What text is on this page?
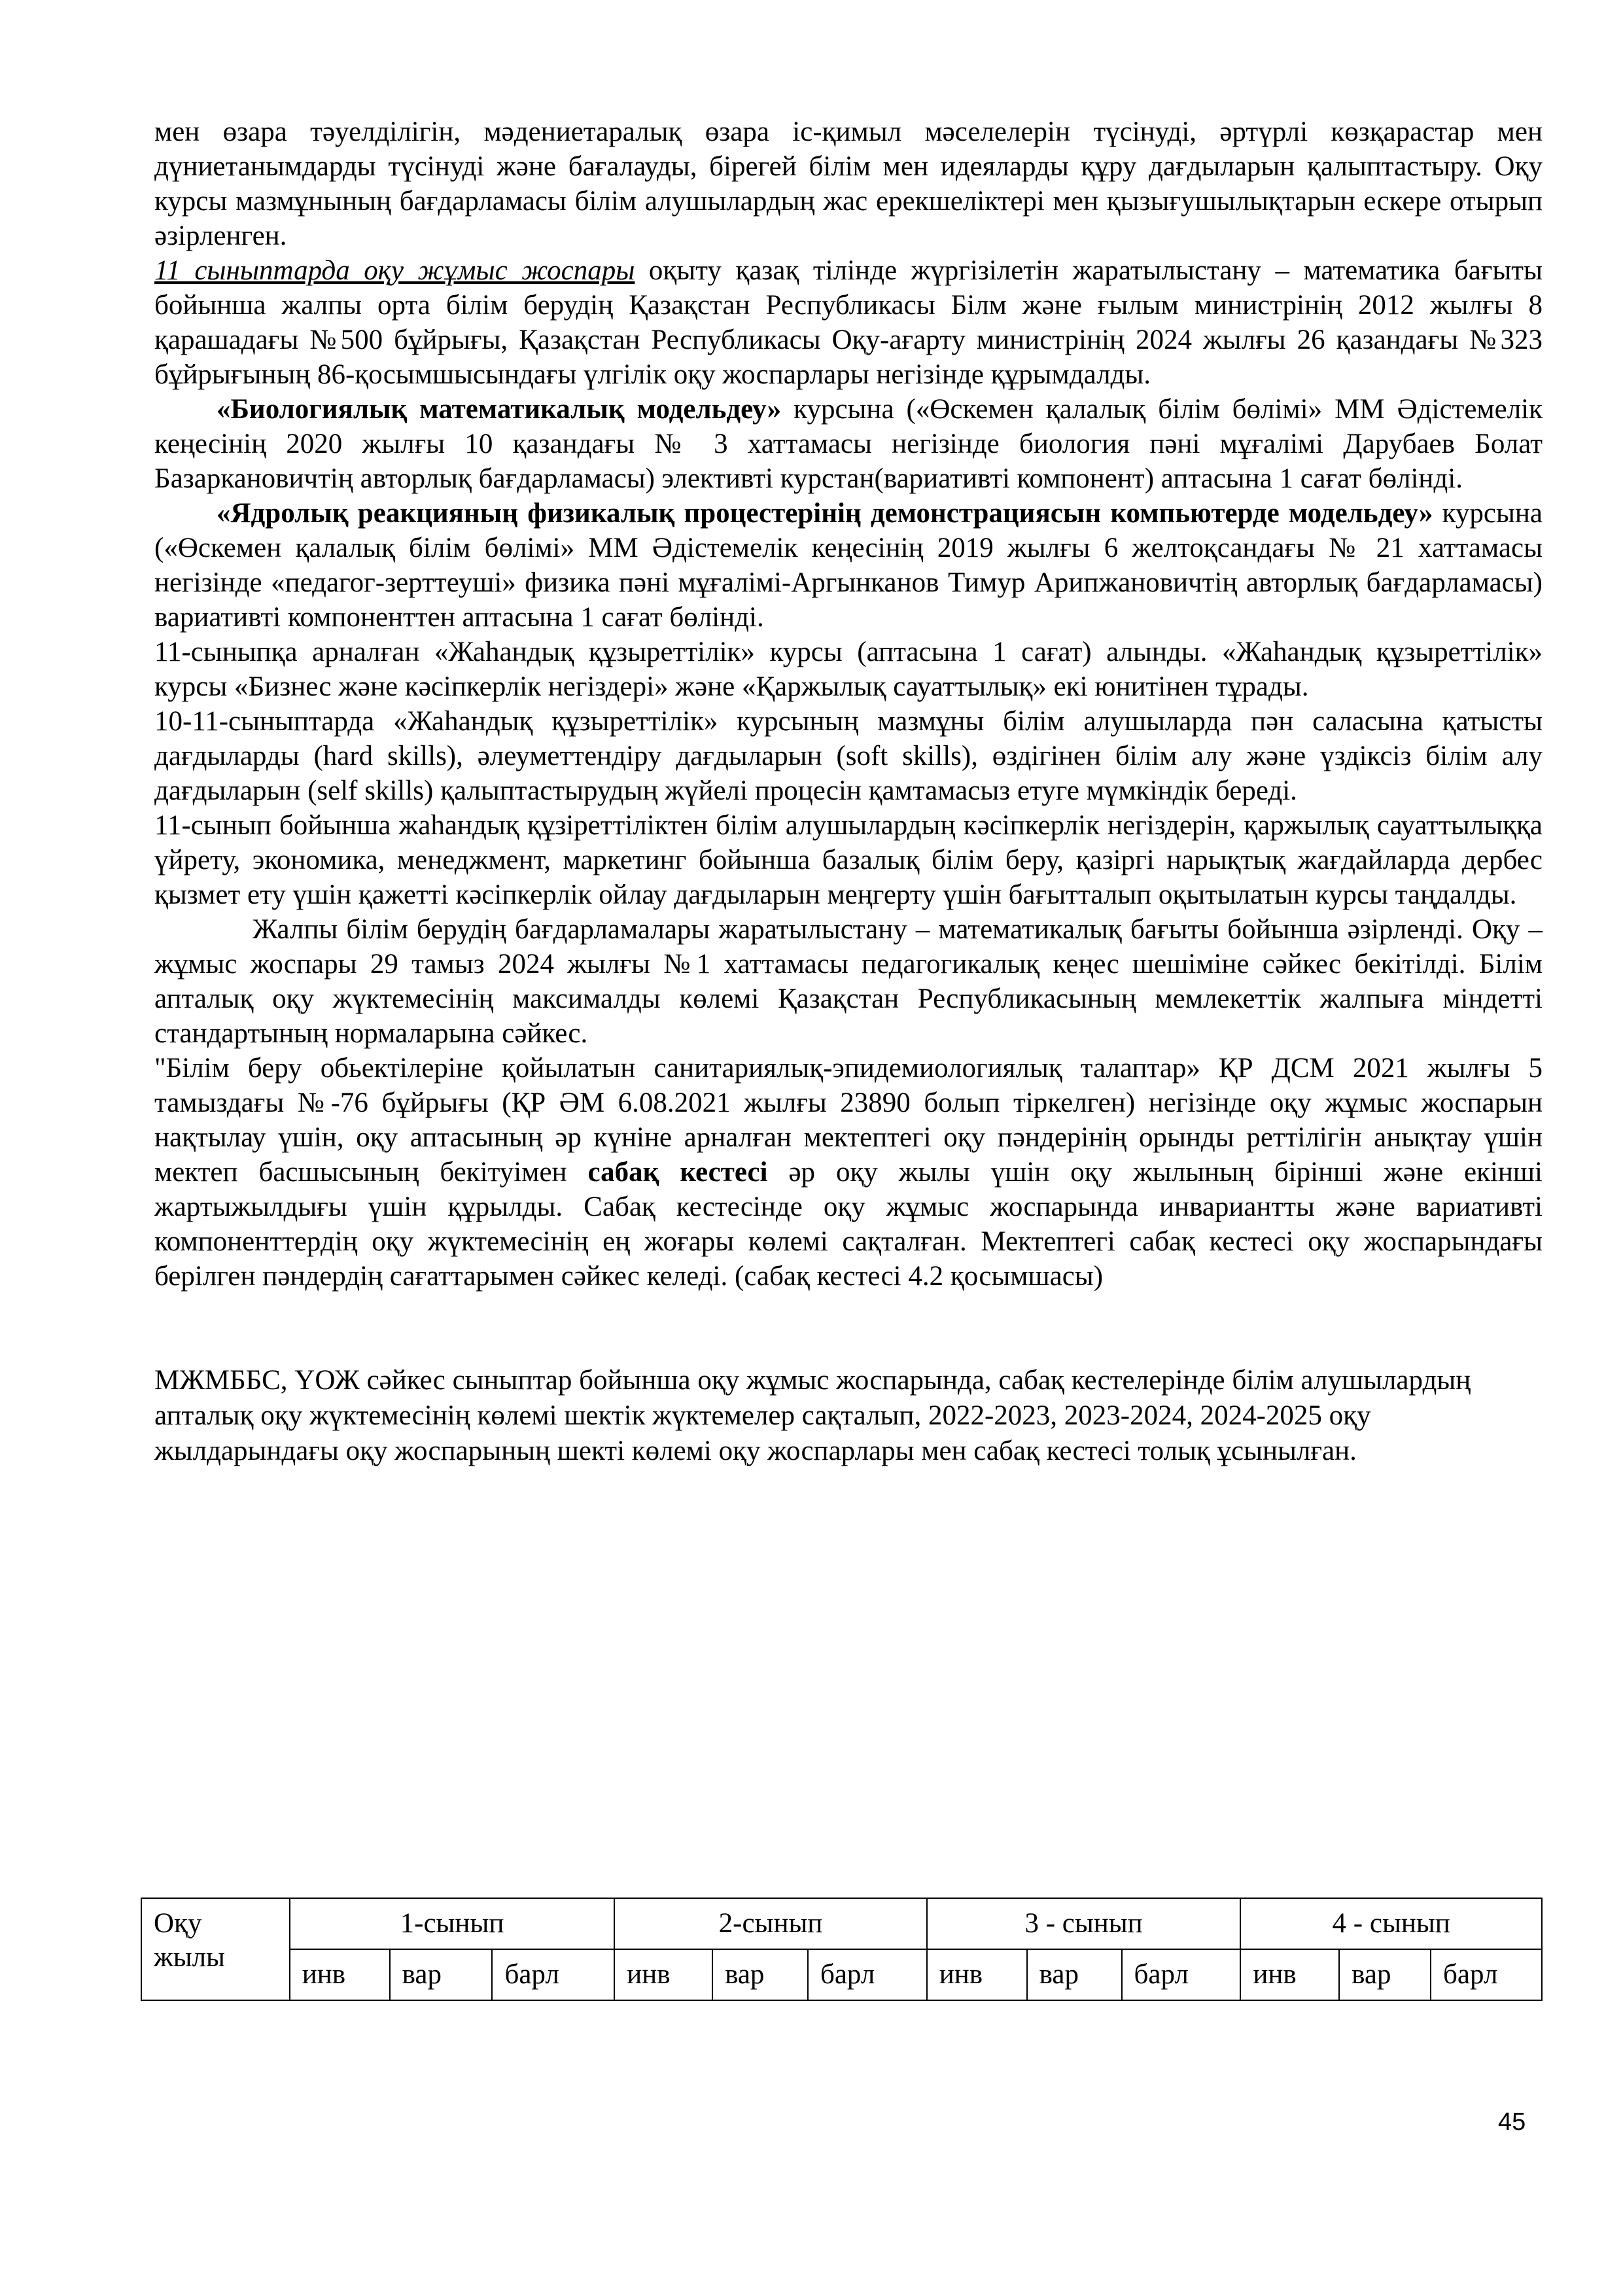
мен өзара тәуелділігін, мәдениетаралық өзара іс-қимыл мәселелерін түсінуді, әртүрлі көзқарастар мен дүниетанымдарды түсінуді және бағалауды, бірегей білім мен идеяларды құру дағдыларын қалыптастыру. Оқу курсы мазмұнының бағдарламасы білім алушылардың жас ерекшеліктері мен қызығушылықтарын ескере отырып әзірленген.

11 сыныптарда оқу жұмыс жоспары оқыту қазақ тілінде жүргізілетін жаратылыстану – математика бағыты бойынша жалпы орта білім берудің Қазақстан Республикасы Білм және ғылым министрінің 2012 жылғы 8 қарашадағы №500 бұйрығы, Қазақстан Республикасы Оқу-ағарту министрінің 2024 жылғы 26 қазандағы №323 бұйрығының 86-қосымшысындағы үлгілік оқу жоспарлары негізінде құрымдалды.

«Биологиялық математикалық модельдеу» курсына («Өскемен қалалық білім бөлімі» ММ Әдістемелік кеңесінің 2020 жылғы 10 қазандағы № 3 хаттамасы негізінде биология пәні мұғалімі Дарубаев Болат Базаркановичтің авторлық бағдарламасы) элективті курстан(вариативті компонент) аптасына 1 сағат бөлінді.

«Ядролық реакцияның физикалық процестерінің демонстрациясын компьютерде модельдеу» курсына («Өскемен қалалық білім бөлімі» ММ Әдістемелік кеңесінің 2019 жылғы 6 желтоқсандағы № 21 хаттамасы негізінде «педагог-зерттеуші» физика пәні мұғалімі-Аргынканов Тимур Арипжановичтің авторлық бағдарламасы) вариативті компоненттен аптасына 1 сағат бөлінді.

11-сыныпқа арналған «Жаһандық құзыреттілік» курсы (аптасына 1 сағат) алынды. «Жаһандық құзыреттілік» курсы «Бизнес және кәсіпкерлік негіздері» және «Қаржылық сауаттылық» екі юнитінен тұрады.

10-11-сыныптарда «Жаһандық құзыреттілік» курсының мазмұны білім алушыларда пән саласына қатысты дағдыларды (hard skills), әлеуметтендіру дағдыларын (soft skills), өздігінен білім алу және үздіксіз білім алу дағдыларын (self skills) қалыптастырудың жүйелі процесін қамтамасыз етуге мүмкіндік береді.

11-сынып бойынша жаһандық құзіреттіліктен білім алушылардың кәсіпкерлік негіздерін, қаржылық сауаттылыққа үйрету, экономика, менеджмент, маркетинг бойынша базалық білім беру, қазіргі нарықтық жағдайларда дербес қызмет ету үшін қажетті кәсіпкерлік ойлау дағдыларын меңгерту үшін бағытталып оқытылатын курсы таңдалды.

Жалпы білім берудің бағдарламалары жаратылыстану – математикалық бағыты бойынша әзірленді. Оқу –жұмыс жоспары 29 тамыз 2024 жылғы №1 хаттамасы педагогикалық кеңес шешіміне сәйкес бекітілді. Білім апталық оқу жүктемесінің максималды көлемі Қазақстан Республикасының мемлекеттік жалпыға міндетті стандартының нормаларына сәйкес.

"Білім беру обьектілеріне қойылатын санитариялық-эпидемиологиялық талаптар» ҚР ДСМ 2021 жылғы 5 тамыздағы №-76 бұйрығы (ҚР ӘМ 6.08.2021 жылғы 23890 болып тіркелген) негізінде оқу жұмыс жоспарын нақтылау үшін, оқу аптасының әр күніне арналған мектептегі оқу пәндерінің орынды реттілігін анықтау үшін мектеп басшысының бекітуімен сабақ кестесі әр оқу жылы үшін оқу жылының бірінші және екінші жартыжылдығы үшін құрылды. Сабақ кестесінде оқу жұмыс жоспарында инвариантты және вариативті компоненттердің оқу жүктемесінің ең жоғары көлемі сақталған. Мектептегі сабақ кестесі оқу жоспарындағы берілген пәндердің сағаттарымен сәйкес келеді. (сабақ кестесі 4.2 қосымшасы)

МЖМББС, ҮОЖ сәйкес сыныптар бойынша оқу жұмыс жоспарында, сабақ кестелерінде білім алушылардың апталық оқу жүктемесінің көлемі шектік жүктемелер сақталып, 2022-2023, 2023-2024, 2024-2025 оқу жылдарындағы оқу жоспарының шекті көлемі оқу жоспарлары мен сабақ кестесі толық ұсынылған.

Оқу жылы	1-сынып			2-сынып			3 - сынып			4 - сынып		
	инв	вар	барл	инв	вар	барл	инв	вар	барл	инв	вар	барл
45
